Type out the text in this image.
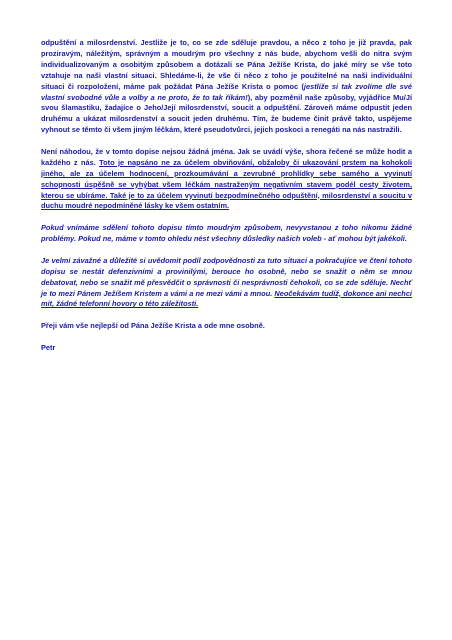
odpuštění a milosrdenství. Jestliže je to, co se zde sděluje pravdou, a něco z toho je již pravda, pak proziravým, náležitým, správným a moudrým pro všechny z nás bude, abychom vešli do nitra svým individualizovaným a osobitým způsobem a dotázali se Pána Ježíše Krista, do jaké míry se vše toto vztahuje na naši vlastní situaci. Shledáme-li, že vše či něco z toho je použitelné na naši individuální situaci či rozpoložení, máme pak požádat Pána Ježíše Krista o pomoc (jestliže si tak zvolíme dle své vlastní svobodné vůle a volby a ne proto, že to tak říkám!), aby pozměnil naše způsoby, vyjádříce Mu/Jí svou šlamastiku, žadajíce o Jeho/Její milosrdenství, soucit a odpuštění. Zároveň máme odpustit jeden druhému a ukázat milosrdenství a soucit jeden druhému. Tím, že budeme činit právě takto, uspějeme vyhnout se těmto či všem jiným léčkám, které pseudotvůrci, jejich poskoci a renegáti na nás nastražili.

Není náhodou, že v tomto dopise nejsou žádná jména. Jak se uvádí výše, shora řečené se může hodit a každého z nás. Toto je napsáno ne za účelem obviňování, obžaloby či ukazování prstem na kohokoli jiného, ale za účelem hodnocení, prozkoumávání a zevrubné prohlídky sebe samého a vyvinutí schopnosti úspěšně se vyhýbat všem léčkám nastraženým negativním stavem podél cesty životem, kterou se ubíráme. Také je to za účelem vyvinutí bezpodmínečného odpuštění, milosrdenství a soucitu v duchu moudré nepodmíněné lásky ke všem ostatním.

Pokud vnímáme sdělení tohoto dopisu tímto moudrým způsobem, nevyvstanou z toho nikomu žádné problémy. Pokud ne, máme v tomto ohledu nést všechny důsledky našich voleb - ať mohou být jakékoli.

Je velmi závažné a důležité si uvědomit podíl zodpovědnosti za tuto situaci a pokračujíce ve čtení tohoto dopisu se nestát defenzivními a provinilými, berouce ho osobně, nebo se snažit o něm se mnou debatovat, nebo se snažit mě přesvědčit o správnosti či nesprávnosti čehokoli, co se zde sděluje. Nechť je to mezi Pánem Ježíšem Kristem a vámi a ne mezi vámi a mnou. Neočekávám tudíž, dokonce ani nechci mít, žádné telefonní hovory o této záležitosti.

Přeji vám vše nejlepší od Pána Ježíše Krista a ode mne osobně.

Petr
